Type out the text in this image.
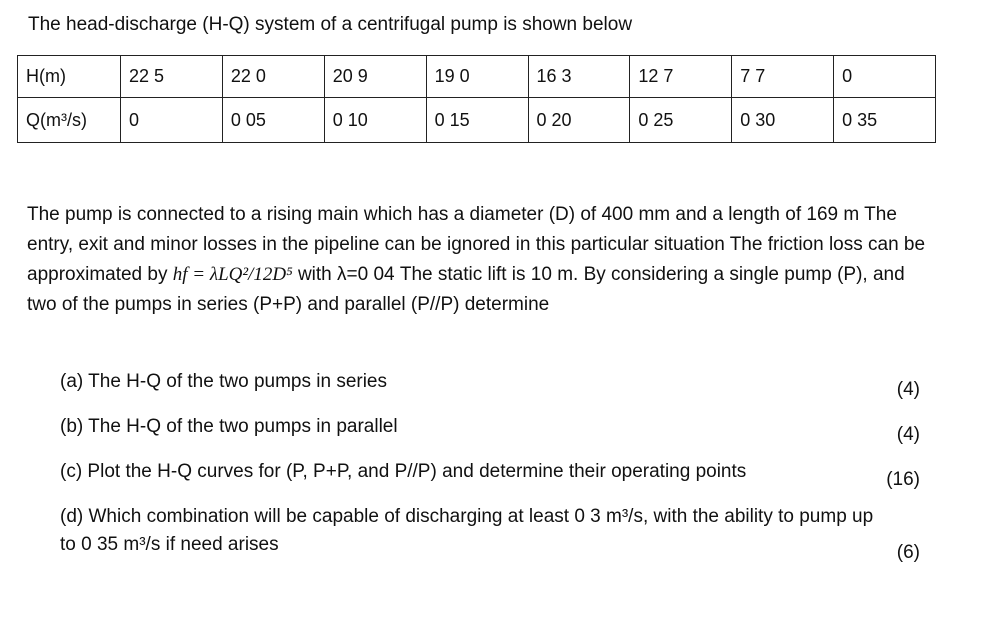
The head-discharge (H-Q) system of a centrifugal pump is shown below
H(m)	22 5	22 0	20 9	19 0	16 3	12 7	7 7	0
Q(m³/s)	0	0 05	0 10	0 15	0 20	0 25	0 30	0 35
The pump is connected to a rising main which has a diameter (D) of 400 mm and a length of 169 m The entry, exit and minor losses in the pipeline can be ignored in this particular situation The friction loss can be approximated by hf = λLQ²/12D⁵ with λ=0 04 The static lift is 10 m. By considering a single pump (P), and two of the pumps in series (P+P) and parallel (P//P) determine
(a) The H-Q of the two pumps in series	(4)
(b) The H-Q of the two pumps in parallel	(4)
(c) Plot the H-Q curves for (P, P+P, and P//P) and determine their operating points	(16)
(d) Which combination will be capable of discharging at least 0 3 m³/s, with the ability to pump up to 0 35 m³/s if need arises	(6)
